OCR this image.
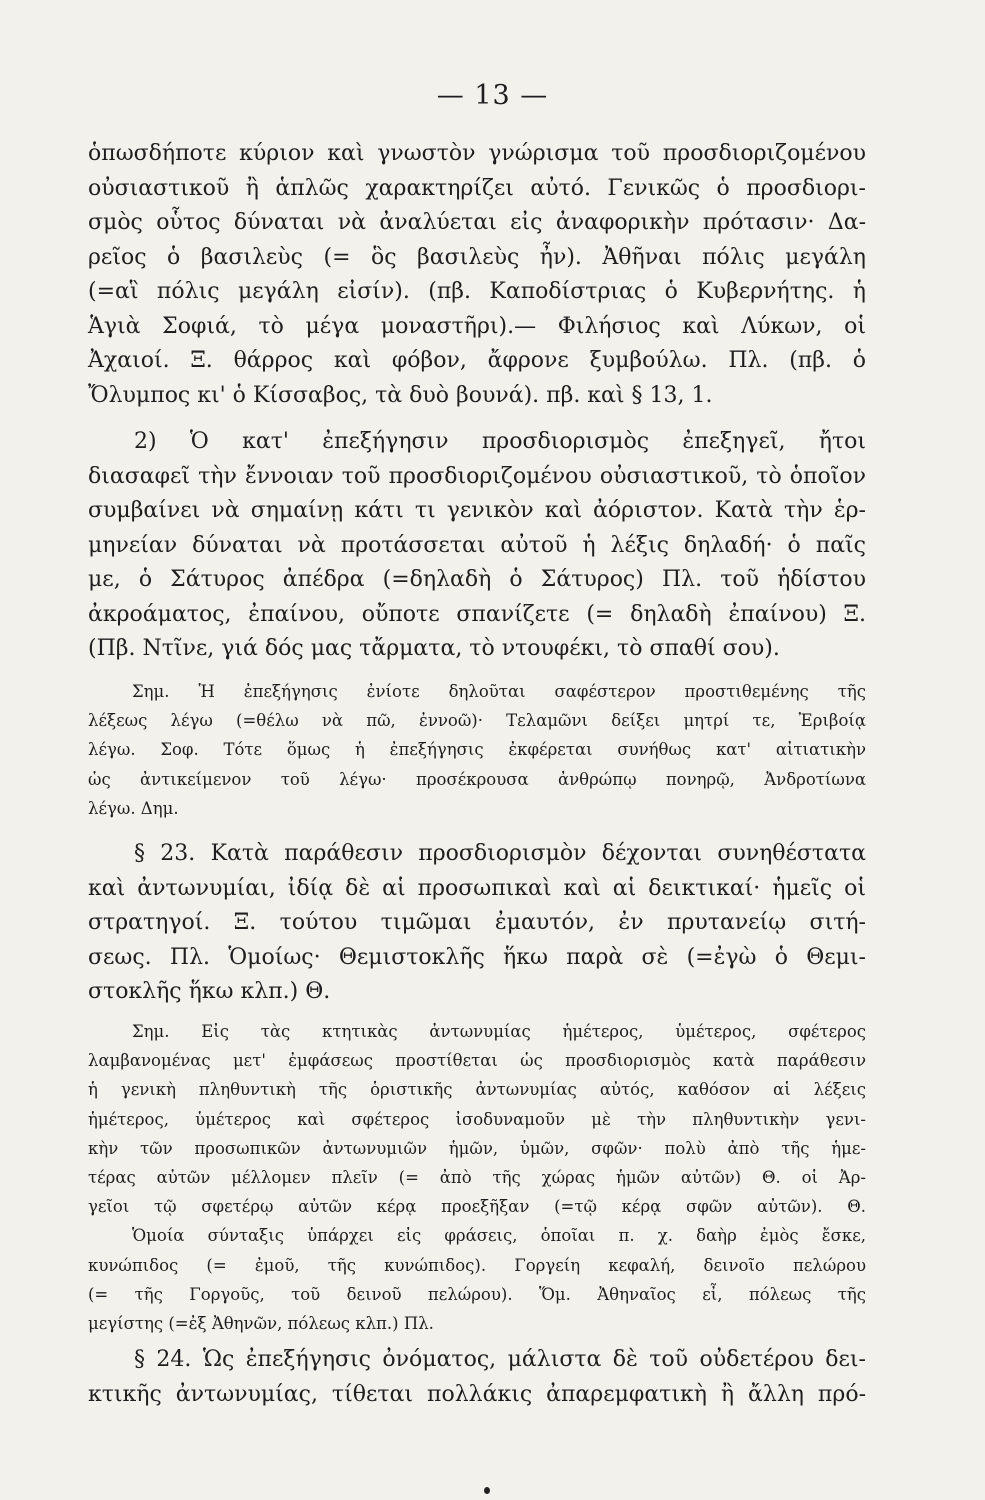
— 13 —
ὁπωσδήποτε κύριον καὶ γνωστὸν γνώρισμα τοῦ προσδιοριζομένου
οὐσιαστικοῦ ἢ ἁπλῶς χαρακτηρίζει αὐτό. Γενικῶς ὁ προσδιορι-
σμὸς οὗτος δύναται νὰ ἀναλύεται εἰς ἀναφορικὴν πρότασιν· Δα-
ρεῖος ὁ βασιλεὺς (= ὃς βασιλεὺς ἦν). Ἀθῆναι πόλις μεγάλη
(=αἳ πόλις μεγάλη εἰσίν). (πβ. Καποδίστριας ὁ Κυβερνήτης. ἡ
Ἁγιὰ Σοφιά, τὸ μέγα μοναστῆρι).— Φιλήσιος καὶ Λύκων, οἱ
Ἀχαιοί. Ξ. θάρρος καὶ φόβον, ἄφρονε ξυμβούλω. Πλ. (πβ. ὁ
Ὄλυμπος κι' ὁ Κίσσαβος, τὰ δυὸ βουνά). πβ. καὶ § 13, 1.
2) Ὁ κατ' ἐπεξήγησιν προσδιορισμὸς ἐπεξηγεῖ, ἤτοι
διασαφεῖ τὴν ἔννοιαν τοῦ προσδιοριζομένου οὐσιαστικοῦ, τὸ ὁποῖον
συμβαίνει νὰ σημαίνῃ κάτι τι γενικὸν καὶ ἀόριστον. Κατὰ τὴν ἑρ-
μηνείαν δύναται νὰ προτάσσεται αὐτοῦ ἡ λέξις δηλαδή· ὁ παῖς
με, ὁ Σάτυρος ἀπέδρα (=δηλαδὴ ὁ Σάτυρος) Πλ. τοῦ ἡδίστου
ἀκροάματος, ἐπαίνου, οὔποτε σπανίζετε (= δηλαδὴ ἐπαίνου) Ξ.
(Πβ. Ντῖνε, γιά δός μας τἄρματα, τὸ ντουφέκι, τὸ σπαθί σου).
Σημ. Ἡ ἐπεξήγησις ἐνίοτε δηλοῦται σαφέστερον προστιθεμένης τῆς
λέξεως λέγω (=θέλω νὰ πῶ, ἐννοῶ)· Τελαμῶνι δείξει μητρί τε, Ἐριβοίᾳ
λέγω. Σοφ. Τότε ὅμως ἡ ἐπεξήγησις ἐκφέρεται συνήθως κατ' αἰτιατικὴν
ὡς ἀντικείμενον τοῦ λέγω· προσέκρουσα ἀνθρώπῳ πονηρῷ, Ἀνδροτίωνα
λέγω. Δημ.
§ 23. Κατὰ παράθεσιν προσδιορισμὸν δέχονται συνηθέστατα
καὶ ἀντωνυμίαι, ἰδίᾳ δὲ αἱ προσωπικαὶ καὶ αἱ δεικτικαί· ἡμεῖς οἱ
στρατηγοί. Ξ. τούτου τιμῶμαι ἐμαυτόν, ἐν πρυτανείῳ σιτή-
σεως. Πλ. Ὁμοίως· Θεμιστοκλῆς ἥκω παρὰ σὲ (=ἐγὼ ὁ Θεμι-
στοκλῆς ἥκω κλπ.) Θ.
Σημ. Εἰς τὰς κτητικὰς ἀντωνυμίας ἡμέτερος, ὑμέτερος, σφέτερος
λαμβανομένας μετ' ἐμφάσεως προστίθεται ὡς προσδιορισμὸς κατὰ παράθεσιν
ἡ γενικὴ πληθυντικὴ τῆς ὁριστικῆς ἀντωνυμίας αὐτός, καθόσον αἱ λέξεις
ἡμέτερος, ὑμέτερος καὶ σφέτερος ἰσοδυναμοῦν μὲ τὴν πληθυντικὴν γενι-
κὴν τῶν προσωπικῶν ἀντωνυμιῶν ἡμῶν, ὑμῶν, σφῶν· πολὺ ἀπὸ τῆς ἡμε-
τέρας αὐτῶν μέλλομεν πλεῖν (= ἀπὸ τῆς χώρας ἡμῶν αὐτῶν) Θ. οἱ Ἀρ-
γεῖοι τῷ σφετέρῳ αὐτῶν κέρᾳ προεξῆξαν (=τῷ κέρᾳ σφῶν αὐτῶν). Θ.
Ὁμοία σύνταξις ὑπάρχει εἰς φράσεις, ὁποῖαι π. χ. δαὴρ ἐμὸς ἔσκε,
κυνώπιδος (= ἐμοῦ, τῆς κυνώπιδος). Γοργείη κεφαλή, δεινοῖο πελώρου
(= τῆς Γοργοῦς, τοῦ δεινοῦ πελώρου). Ὅμ. Ἀθηναῖος εἶ, πόλεως τῆς
μεγίστης (=ἐξ Ἀθηνῶν, πόλεως κλπ.) Πλ.
§ 24. Ὡς ἐπεξήγησις ὀνόματος, μάλιστα δὲ τοῦ οὐδετέρου δει-
κτικῆς ἀντωνυμίας, τίθεται πολλάκις ἀπαρεμφατικὴ ἢ ἄλλη πρό-
